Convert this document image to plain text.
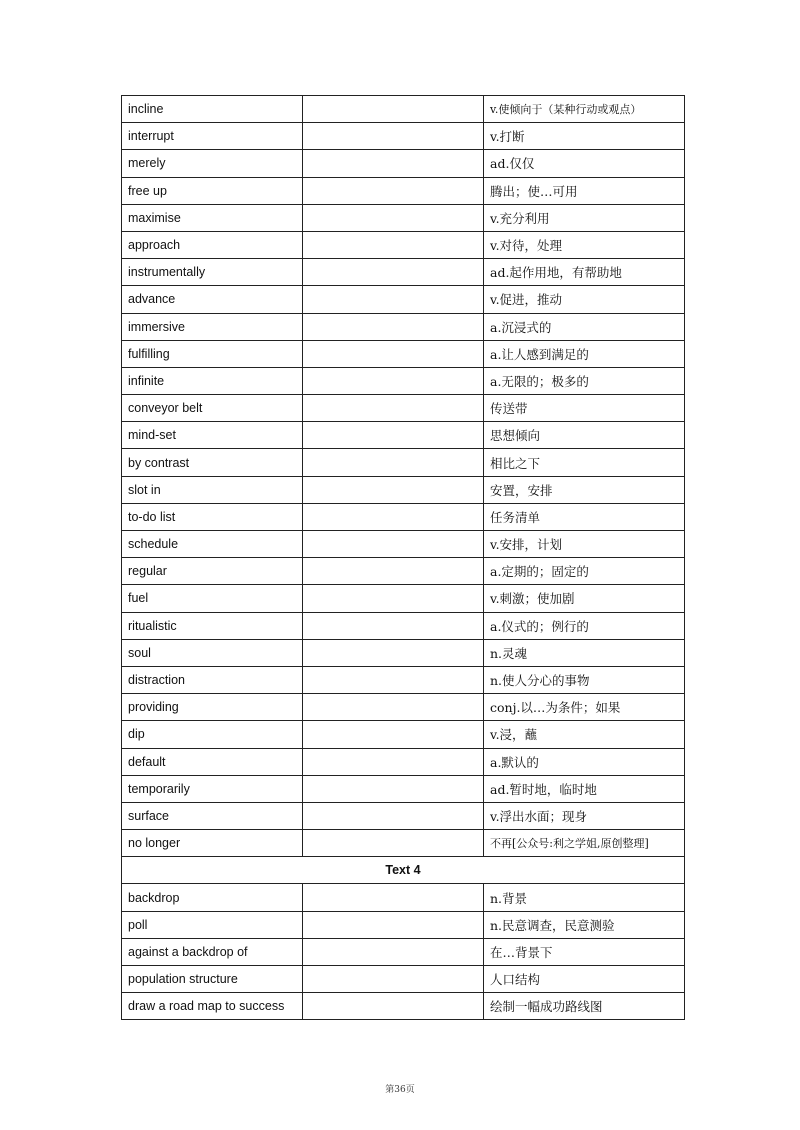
incline		v.使倾向于（某种行动或观点）
interrupt		v.打断
merely		ad.仅仅
free up		腾出；使…可用
maximise		v.充分利用
approach		v.对待，处理
instrumentally		ad.起作用地，有帮助地
advance		v.促进，推动
immersive		a.沉浸式的
fulfilling		a.让人感到满足的
infinite		a.无限的；极多的
conveyor belt		传送带
mind-set		思想倾向
by contrast		相比之下
slot in		安置，安排
to-do list		任务清单
schedule		v.安排，计划
regular		a.定期的；固定的
fuel		v.刺激；使加剧
ritualistic		a.仪式的；例行的
soul		n.灵魂
distraction		n.使人分心的事物
providing		conj.以…为条件；如果
dip		v.浸，蘸
default		a.默认的
temporarily		ad.暂时地，临时地
surface		v.浮出水面；现身
no longer		不再[公众号:利之学姐,原创整理]
Text 4		
backdrop		n.背景
poll		n.民意调查，民意测验
against a backdrop of		在…背景下
population structure		人口结构
draw a road map to success		绘制一幅成功路线图
第36页
